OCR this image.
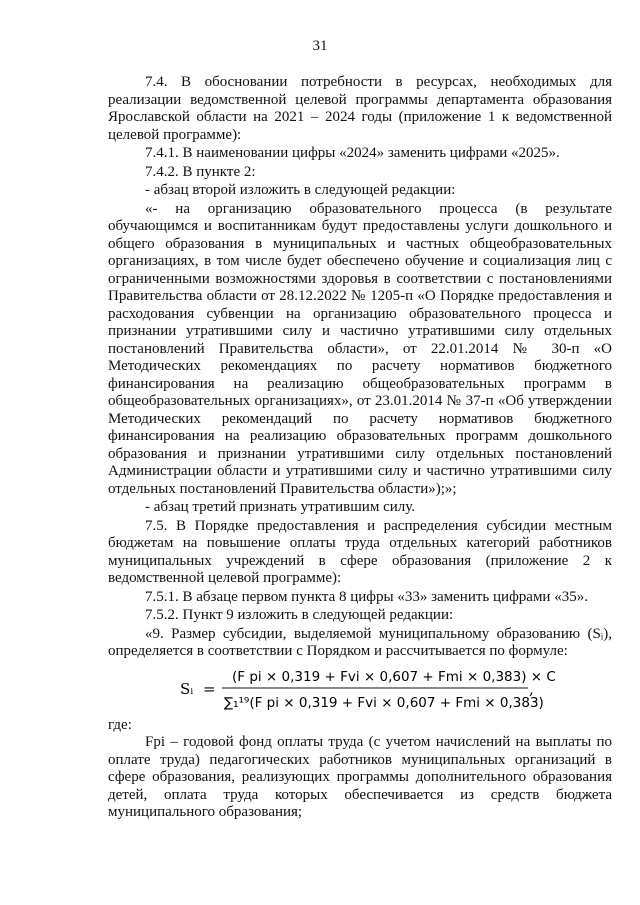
31

7.4. В обосновании потребности в ресурсах, необходимых для реализации ведомственной целевой программы департамента образования Ярославской области на 2021 – 2024 годы (приложение 1 к ведомственной целевой программе):

7.4.1. В наименовании цифры «2024» заменить цифрами «2025».

7.4.2. В пункте 2:

- абзац второй изложить в следующей редакции:

«- на организацию образовательного процесса (в результате обучающимся и воспитанникам будут предоставлены услуги дошкольного и общего образования в муниципальных и частных общеобразовательных организациях, в том числе будет обеспечено обучение и социализация лиц с ограниченными возможностями здоровья в соответствии с постановлениями Правительства области от 28.12.2022 № 1205-п «О Порядке предоставления и расходования субвенции на организацию образовательного процесса и признании утратившими силу и частично утратившими силу отдельных постановлений Правительства области», от 22.01.2014 № 30-п «О Методических рекомендациях по расчету нормативов бюджетного финансирования на реализацию общеобразовательных программ в общеобразовательных организациях», от 23.01.2014 № 37-п «Об утверждении Методических рекомендаций по расчету нормативов бюджетного финансирования на реализацию образовательных программ дошкольного образования и признании утратившими силу отдельных постановлений Администрации области и утратившими силу и частично утратившими силу отдельных постановлений Правительства области»);»;

- абзац третий признать утратившим силу.

7.5. В Порядке предоставления и распределения субсидии местным бюджетам на повышение оплаты труда отдельных категорий работников муниципальных учреждений в сфере образования (приложение 2 к ведомственной целевой программе):

7.5.1. В абзаце первом пункта 8 цифры «33» заменить цифрами «35».

7.5.2. Пункт 9 изложить в следующей редакции:

«9. Размер субсидии, выделяемой муниципальному образованию (Sᵢ), определяется в соответствии с Порядком и рассчитывается по формуле:

Sᵢ =
(F pi × 0,319 + Fvi × 0,607 + Fmi × 0,383) × C
∑₁¹⁹(F pi × 0,319 + Fvi × 0,607 + Fmi × 0,383)
,
где:

Fpi – годовой фонд оплаты труда (с учетом начислений на выплаты по оплате труда) педагогических работников муниципальных организаций в сфере образования, реализующих программы дополнительного образования детей, оплата труда которых обеспечивается из средств бюджета муниципального образования;
